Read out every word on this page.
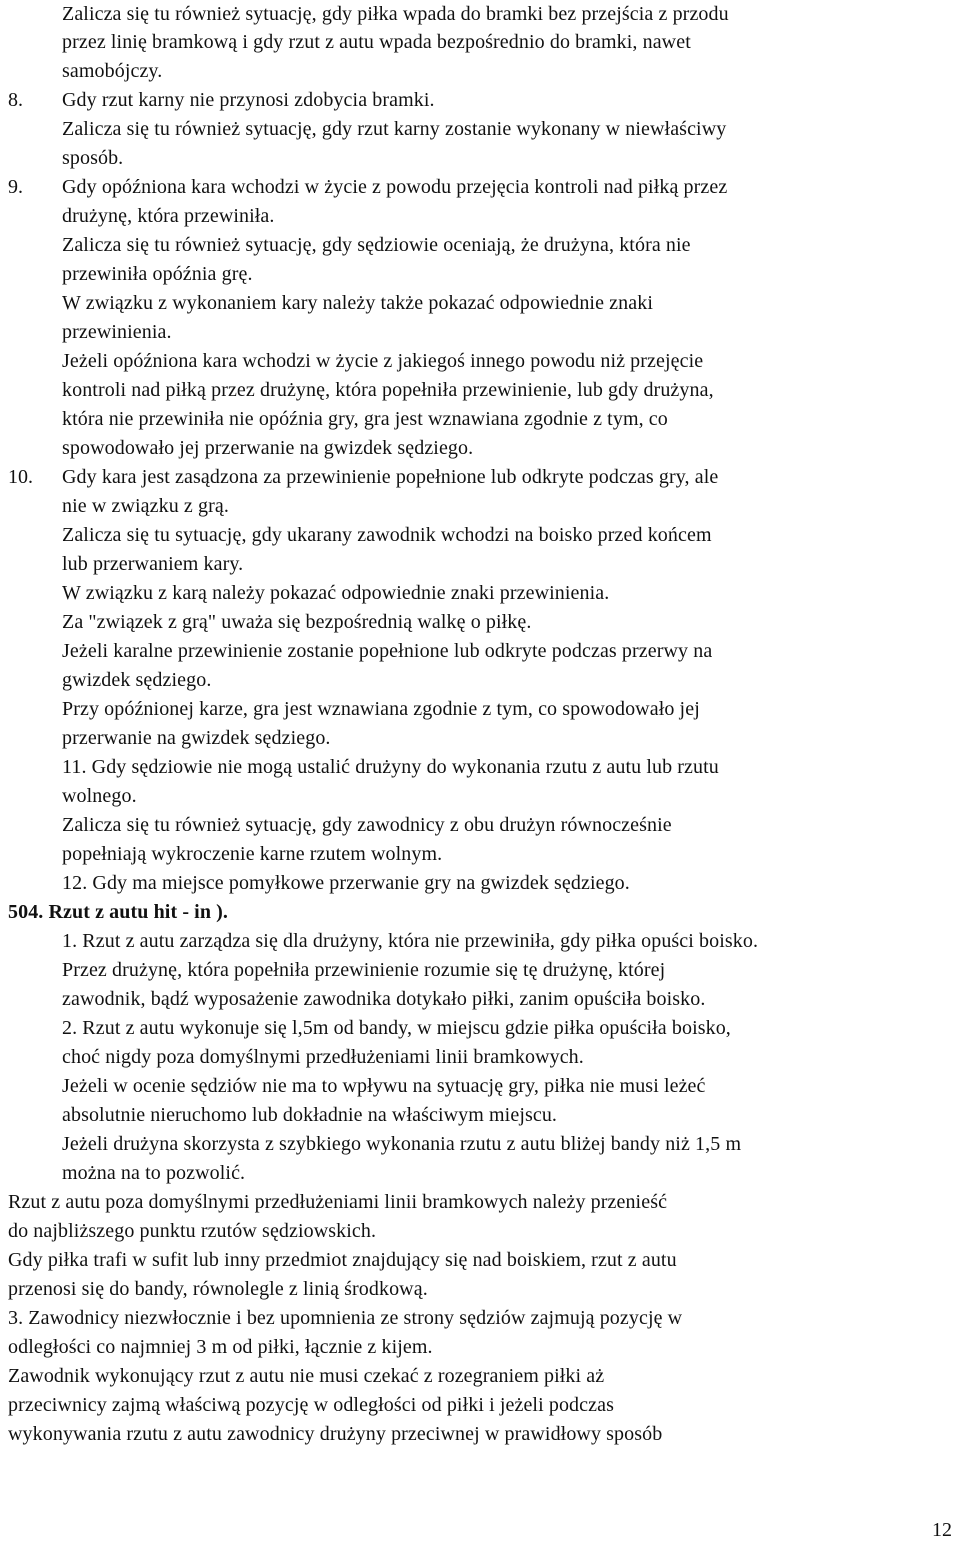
Zalicza się tu również sytuację, gdy piłka wpada do bramki bez przejścia z przodu
przez linię bramkową i gdy rzut z autu wpada bezpośrednio do bramki, nawet
samobójczy.
8. Gdy rzut karny nie przynosi zdobycia bramki.
Zalicza się tu również sytuację, gdy rzut karny zostanie wykonany w niewłaściwy
sposób.
9. Gdy opóźniona kara wchodzi w życie z powodu przejęcia kontroli nad piłką przez
drużynę, która przewiniła.
Zalicza się tu również sytuację, gdy sędziowie oceniają, że drużyna, która nie
przewiniła opóźnia grę.
W związku z wykonaniem kary należy także pokazać odpowiednie znaki
przewinienia.
Jeżeli opóźniona kara wchodzi w życie z jakiegoś innego powodu niż przejęcie
kontroli nad piłką przez drużynę, która popełniła przewinienie, lub gdy drużyna,
która nie przewiniła nie opóźnia gry, gra jest wznawiana zgodnie z tym, co
spowodowało jej przerwanie na gwizdek sędziego.
10. Gdy kara jest zasądzona za przewinienie popełnione lub odkryte podczas gry, ale
nie w związku z grą.
Zalicza się tu sytuację, gdy ukarany zawodnik wchodzi na boisko przed końcem
lub przerwaniem kary.
W związku z karą należy pokazać odpowiednie znaki przewinienia.
Za "związek z grą" uważa się bezpośrednią walkę o piłkę.
Jeżeli karalne przewinienie zostanie popełnione lub odkryte podczas przerwy na
gwizdek sędziego.
Przy opóźnionej karze, gra jest wznawiana zgodnie z tym, co spowodowało jej
przerwanie na gwizdek sędziego.
11. Gdy sędziowie nie mogą ustalić drużyny do wykonania rzutu z autu lub rzutu
wolnego.
Zalicza się tu również sytuację, gdy zawodnicy z obu drużyn równocześnie
popełniają wykroczenie karne rzutem wolnym.
12. Gdy ma miejsce pomyłkowe przerwanie gry na gwizdek sędziego.
504. Rzut z autu hit - in ).
1. Rzut z autu zarządza się dla drużyny, która nie przewiniła, gdy piłka opuści boisko.
Przez drużynę, która popełniła przewinienie rozumie się tę drużynę, której
zawodnik, bądź wyposażenie zawodnika dotykało piłki, zanim opuściła boisko.
2. Rzut z autu wykonuje się l,5m od bandy, w miejscu gdzie piłka opuściła boisko,
choć nigdy poza domyślnymi przedłużeniami linii bramkowych.
Jeżeli w ocenie sędziów nie ma to wpływu na sytuację gry, piłka nie musi leżeć
absolutnie nieruchomo lub dokładnie na właściwym miejscu.
Jeżeli drużyna skorzysta z szybkiego wykonania rzutu z autu bliżej bandy niż 1,5 m
można na to pozwolić.
Rzut z autu poza domyślnymi przedłużeniami linii bramkowych należy przenieść
do najbliższego punktu rzutów sędziowskich.
Gdy piłka trafi w sufit lub inny przedmiot znajdujący się nad boiskiem, rzut z autu
przenosi się do bandy, równolegle z linią środkową.
3. Zawodnicy niezwłocznie i bez upomnienia ze strony sędziów zajmują pozycję w
odległości co najmniej 3 m od piłki, łącznie z kijem.
Zawodnik wykonujący rzut z autu nie musi czekać z rozegraniem piłki aż
przeciwnicy zajmą właściwą pozycję w odległości od piłki i jeżeli podczas
wykonywania rzutu z autu zawodnicy drużyny przeciwnej w prawidłowy sposób
12
